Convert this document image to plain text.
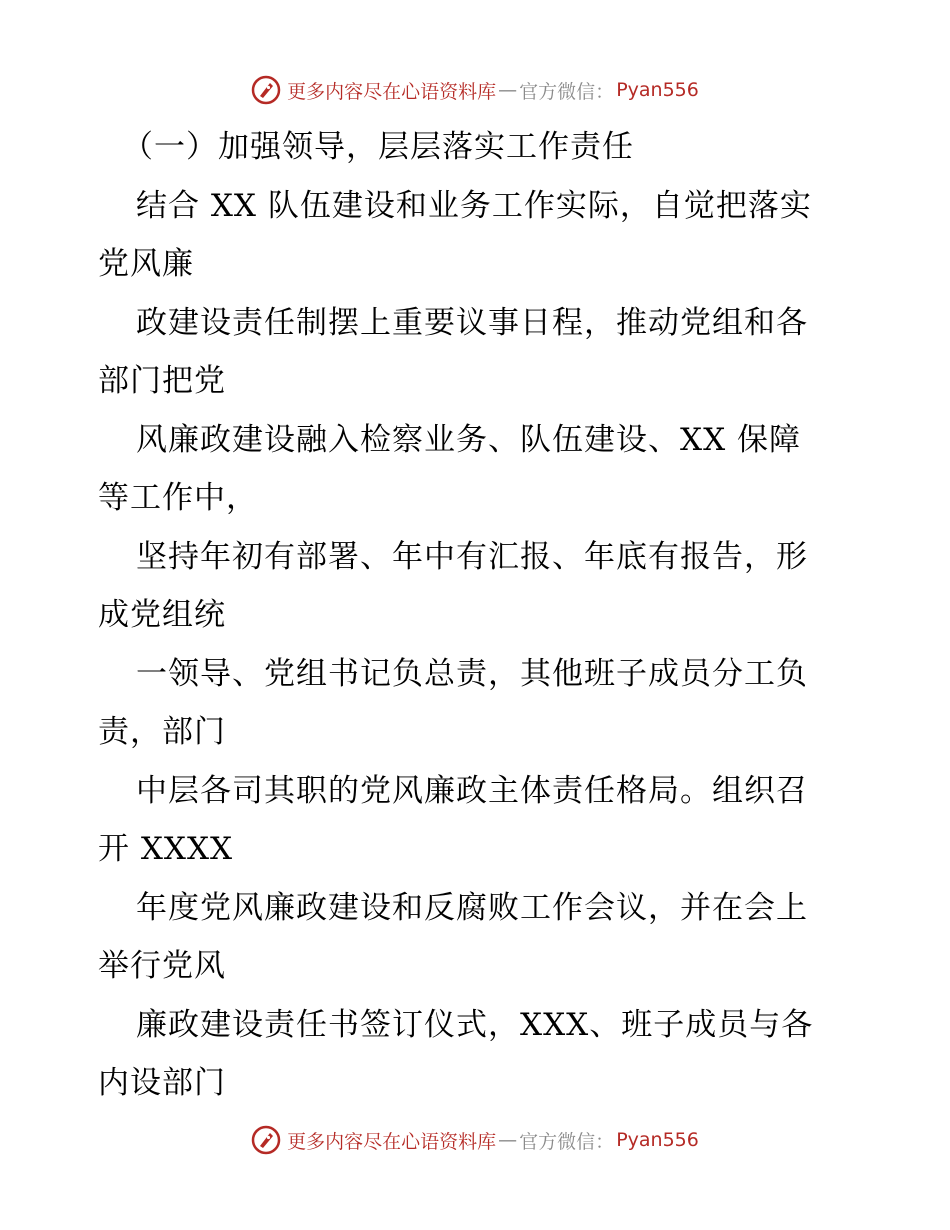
更多内容尽在心语资料库 — 官方微信： Pyan556
（一）加强领导，层层落实工作责任
结合 XX 队伍建设和业务工作实际，自觉把落实
党风廉
政建设责任制摆上重要议事日程，推动党组和各
部门把党
风廉政建设融入检察业务、队伍建设、XX 保障
等工作中，
坚持年初有部署、年中有汇报、年底有报告，形
成党组统
一领导、党组书记负总责，其他班子成员分工负
责，部门
中层各司其职的党风廉政主体责任格局。组织召
开 XXXX
年度党风廉政建设和反腐败工作会议，并在会上
举行党风
廉政建设责任书签订仪式，XXX、班子成员与各
内设部门
更多内容尽在心语资料库 — 官方微信： Pyan556
